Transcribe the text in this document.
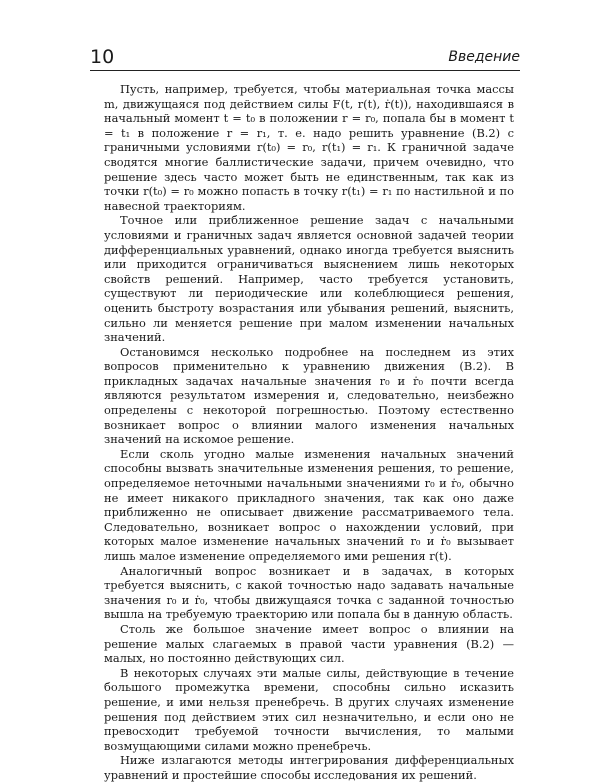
10	Введение

Пусть, например, требуется, чтобы материальная точка массы m, движущаяся под действием силы F(t, r(t), ṙ(t)), находившаяся в начальный момент t = t₀ в положении r = r₀, попала бы в момент t = t₁ в положение r = r₁, т. е. надо решить уравнение (В.2) с граничными условиями r(t₀) = r₀, r(t₁) = r₁. К граничной задаче сводятся многие баллистические задачи, причем очевидно, что решение здесь часто может быть не единственным, так как из точки r(t₀) = r₀ можно попасть в точку r(t₁) = r₁ по настильной и по навесной траекториям.

Точное или приближенное решение задач с начальными условиями и граничных задач является основной задачей теории дифференциальных уравнений, однако иногда требуется выяснить или приходится ограничиваться выяснением лишь некоторых свойств решений. Например, часто требуется установить, существуют ли периодические или колеблющиеся решения, оценить быстроту возрастания или убывания решений, выяснить, сильно ли меняется решение при малом изменении начальных значений.

Остановимся несколько подробнее на последнем из этих вопросов применительно к уравнению движения (В.2). В прикладных задачах начальные значения r₀ и ṙ₀ почти всегда являются результатом измерения и, следовательно, неизбежно определены с некоторой погрешностью. Поэтому естественно возникает вопрос о влиянии малого изменения начальных значений на искомое решение.

Если сколь угодно малые изменения начальных значений способны вызвать значительные изменения решения, то решение, определяемое неточными начальными значениями r₀ и ṙ₀, обычно не имеет никакого прикладного значения, так как оно даже приближенно не описывает движение рассматриваемого тела. Следовательно, возникает вопрос о нахождении условий, при которых малое изменение начальных значений r₀ и ṙ₀ вызывает лишь малое изменение определяемого ими решения r(t).

Аналогичный вопрос возникает и в задачах, в которых требуется выяснить, с какой точностью надо задавать начальные значения r₀ и ṙ₀, чтобы движущаяся точка с заданной точностью вышла на требуемую траекторию или попала бы в данную область.

Столь же большое значение имеет вопрос о влиянии на решение малых слагаемых в правой части уравнения (В.2) — малых, но постоянно действующих сил.

В некоторых случаях эти малые силы, действующие в течение большого промежутка времени, способны сильно исказить решение, и ими нельзя пренебречь. В других случаях изменение решения под действием этих сил незначительно, и если оно не превосходит требуемой точности вычисления, то малыми возмущающими силами можно пренебречь.

Ниже излагаются методы интегрирования дифференциальных уравнений и простейшие способы исследования их решений.
